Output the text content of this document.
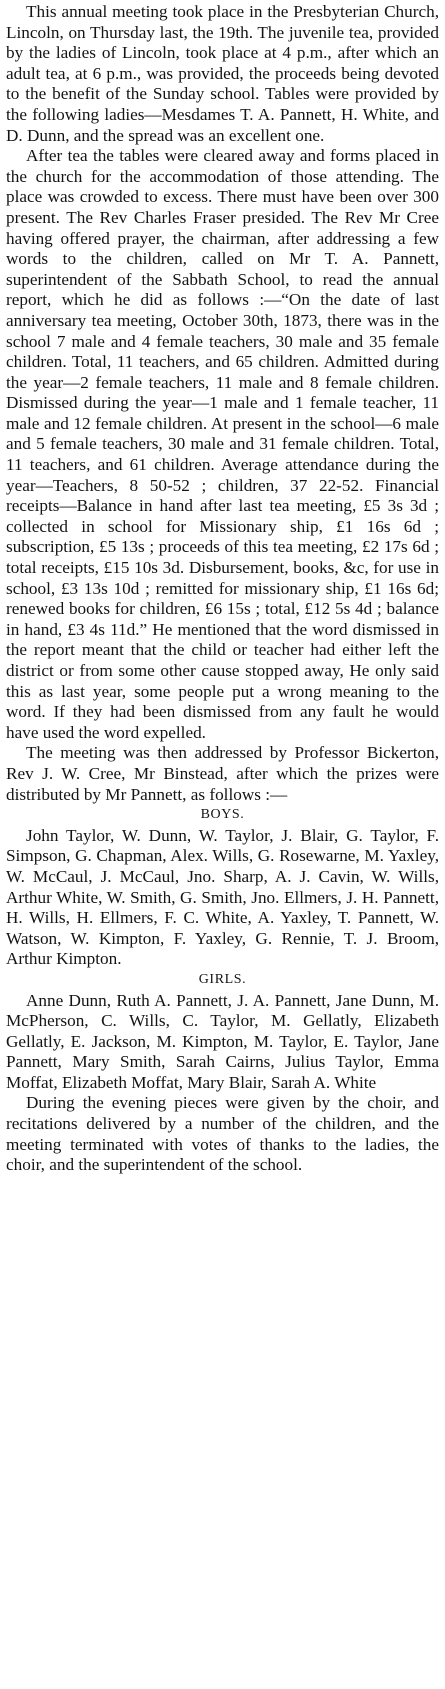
This annual meeting took place in the Presbyterian Church, Lincoln, on Thursday last, the 19th. The juvenile tea, provided by the ladies of Lincoln, took place at 4 p.m., after which an adult tea, at 6 p.m., was provided, the proceeds being devoted to the benefit of the Sunday school. Tables were provided by the following ladies—Mesdames T. A. Pannett, H. White, and D. Dunn, and the spread was an excellent one.

After tea the tables were cleared away and forms placed in the church for the accommodation of those attending. The place was crowded to excess. There must have been over 300 present. The Rev Charles Fraser presided. The Rev Mr Cree having offered prayer, the chairman, after addressing a few words to the children, called on Mr T. A. Pannett, superintendent of the Sabbath School, to read the annual report, which he did as follows :—“On the date of last anniversary tea meeting, October 30th, 1873, there was in the school 7 male and 4 female teachers, 30 male and 35 female children. Total, 11 teachers, and 65 children. Admitted during the year—2 female teachers, 11 male and 8 female children. Dismissed during the year—1 male and 1 female teacher, 11 male and 12 female children. At present in the school—6 male and 5 female teachers, 30 male and 31 female children. Total, 11 teachers, and 61 children. Average attendance during the year—Teachers, 8 50-52 ; children, 37 22-52. Financial receipts—Balance in hand after last tea meeting, £5 3s 3d ; collected in school for Missionary ship, £1 16s 6d ; subscription, £5 13s ; proceeds of this tea meeting, £2 17s 6d ; total receipts, £15 10s 3d. Disbursement, books, &c, for use in school, £3 13s 10d ; remitted for missionary ship, £1 16s 6d; renewed books for children, £6 15s ; total, £12 5s 4d ; balance in hand, £3 4s 11d.” He mentioned that the word dismissed in the report meant that the child or teacher had either left the district or from some other cause stopped away, He only said this as last year, some people put a wrong meaning to the word. If they had been dismissed from any fault he would have used the word expelled.

The meeting was then addressed by Professor Bickerton, Rev J. W. Cree, Mr Binstead, after which the prizes were distributed by Mr Pannett, as follows :—

BOYS.

John Taylor, W. Dunn, W. Taylor, J. Blair, G. Taylor, F. Simpson, G. Chapman, Alex. Wills, G. Rosewarne, M. Yaxley, W. McCaul, J. McCaul, Jno. Sharp, A. J. Cavin, W. Wills, Arthur White, W. Smith, G. Smith, Jno. Ellmers, J. H. Pannett, H. Wills, H. Ellmers, F. C. White, A. Yaxley, T. Pannett, W. Watson, W. Kimpton, F. Yaxley, G. Rennie, T. J. Broom, Arthur Kimpton.

GIRLS.

Anne Dunn, Ruth A. Pannett, J. A. Pannett, Jane Dunn, M. McPherson, C. Wills, C. Taylor, M. Gellatly, Elizabeth Gellatly, E. Jackson, M. Kimpton, M. Taylor, E. Taylor, Jane Pannett, Mary Smith, Sarah Cairns, Julius Taylor, Emma Moffat, Elizabeth Moffat, Mary Blair, Sarah A. White

During the evening pieces were given by the choir, and recitations delivered by a number of the children, and the meeting terminated with votes of thanks to the ladies, the choir, and the superintendent of the school.
